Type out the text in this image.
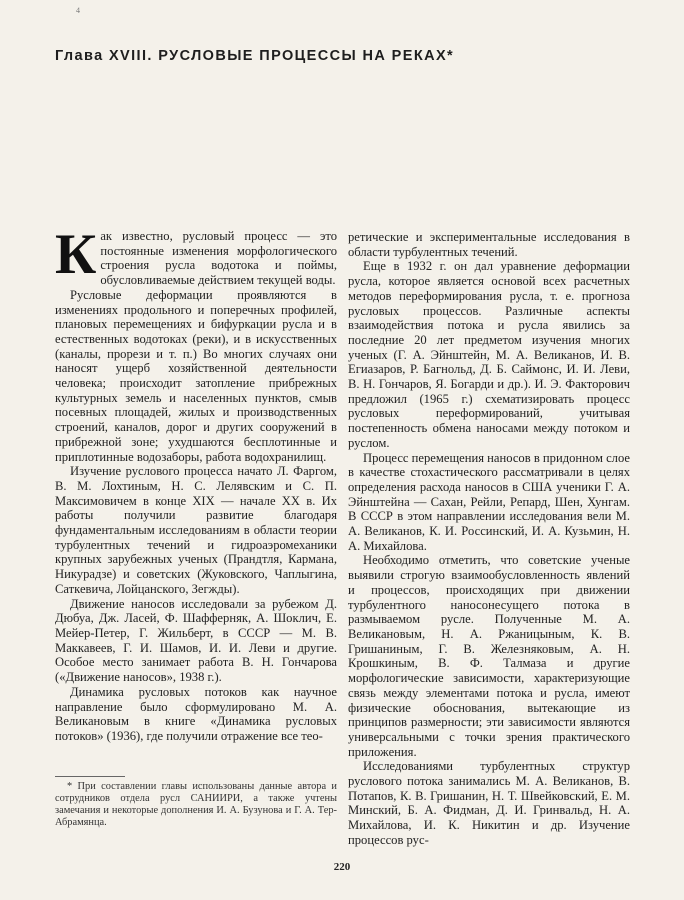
4
Глава XVIII. РУСЛОВЫЕ ПРОЦЕССЫ НА РЕКАХ*

Как известно, русловый процесс — это постоянные изменения морфологического строения русла водотока и поймы, обусловливаемые действием текущей воды.

Русловые деформации проявляются в изменениях продольного и поперечных профилей, плановых перемещениях и бифуркации русла и в естественных водотоках (реки), и в искусственных (каналы, прорези и т. п.) Во многих случаях они наносят ущерб хозяйственной деятельности человека; происходит затопление прибрежных культурных земель и населенных пунктов, смыв посевных площадей, жилых и производственных строений, каналов, дорог и других сооружений в прибрежной зоне; ухудшаются бесплотинные и приплотинные водозаборы, работа водохранилищ.

Изучение руслового процесса начато Л. Фаргом, В. М. Лохтиным, Н. С. Лелявским и С. П. Максимовичем в конце XIX — начале XX в. Их работы получили развитие благодаря фундаментальным исследованиям в области теории турбулентных течений и гидроаэромеханики крупных зарубежных ученых (Прандтля, Кармана, Никурадзе) и советских (Жуковского, Чаплыгина, Саткевича, Лойцанского, Зегжды).

Движение наносов исследовали за рубежом Д. Дюбуа, Дж. Ласей, Ф. Шафферняк, А. Шоклич, Е. Мейер-Петер, Г. Жильберт, в СССР — М. В. Маккавеев, Г. И. Шамов, И. И. Леви и другие. Особое место занимает работа В. Н. Гончарова («Движение наносов», 1938 г.).

Динамика русловых потоков как научное направление было сформулировано М. А. Великановым в книге «Динамика русловых потоков» (1936), где получили отражение все тео-

ретические и экспериментальные исследования в области турбулентных течений.

Еще в 1932 г. он дал уравнение деформации русла, которое является основой всех расчетных методов переформирования русла, т. е. прогноза русловых процессов. Различные аспекты взаимодействия потока и русла явились за последние 20 лет предметом изучения многих ученых (Г. А. Эйнштейн, М. А. Великанов, И. В. Егиазаров, Р. Багнольд, Д. Б. Саймонс, И. И. Леви, В. Н. Гончаров, Я. Богарди и др.). И. Э. Факторович предложил (1965 г.) схематизировать процесс русловых переформирований, учитывая постепенность обмена наносами между потоком и руслом.

Процесс перемещения наносов в придонном слое в качестве стохастического рассматривали в целях определения расхода наносов в США ученики Г. А. Эйнштейна — Сахан, Рейли, Репард, Шен, Хунгам. В СССР в этом направлении исследования вели М. А. Великанов, К. И. Россинский, И. А. Кузьмин, Н. А. Михайлова.

Необходимо отметить, что советские ученые выявили строгую взаимообусловленность явлений и процессов, происходящих при движении турбулентного наносонесущего потока в размываемом русле. Полученные М. А. Великановым, Н. А. Ржаницыным, К. В. Гришаниным, Г. В. Железняковым, А. Н. Крошкиным, В. Ф. Талмаза и другие морфологические зависимости, характеризующие связь между элементами потока и русла, имеют физические обоснования, вытекающие из принципов размерности; эти зависимости являются универсальными с точки зрения практического приложения.

Исследованиями турбулентных структур руслового потока занимались М. А. Великанов, В. Потапов, К. В. Гришанин, Н. Т. Швейковский, Е. М. Минский, Б. А. Фидман, Д. И. Гринвальд, Н. А. Михайлова, И. К. Никитин и др. Изучение процессов рус-

* При составлении главы использованы данные автора и сотрудников отдела русл САНИИРИ, а также учтены замечания и некоторые дополнения И. А. Бузунова и Г. А. Тер-Абрамянца.

220
